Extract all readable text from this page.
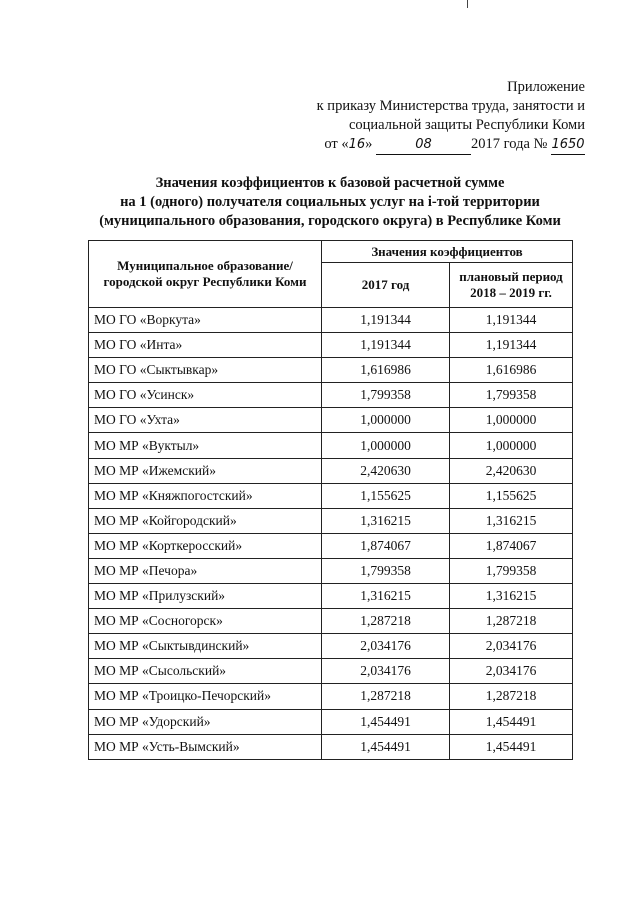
Приложение
к приказу Министерства труда, занятости и
социальной защиты Республики Коми
от «16»	08	2017 года № 1650
Значения коэффициентов к базовой расчетной сумме
на 1 (одного) получателя социальных услуг на i-той территории
(муниципального образования, городского округа) в Республике Коми
Муниципальное образование/городской округ Республики Коми	Значения коэффициентов	
	2017 год	плановый период 2018 – 2019 гг.
МО ГО «Воркута»	1,191344	1,191344
МО ГО «Инта»	1,191344	1,191344
МО ГО «Сыктывкар»	1,616986	1,616986
МО ГО «Усинск»	1,799358	1,799358
МО ГО «Ухта»	1,000000	1,000000
МО МР «Вуктыл»	1,000000	1,000000
МО МР «Ижемский»	2,420630	2,420630
МО МР «Княжпогостский»	1,155625	1,155625
МО МР «Койгородский»	1,316215	1,316215
МО МР «Корткеросский»	1,874067	1,874067
МО МР «Печора»	1,799358	1,799358
МО МР «Прилузский»	1,316215	1,316215
МО МР «Сосногорск»	1,287218	1,287218
МО МР «Сыктывдинский»	2,034176	2,034176
МО МР «Сысольский»	2,034176	2,034176
МО МР «Троицко-Печорский»	1,287218	1,287218
МО МР «Удорский»	1,454491	1,454491
МО МР «Усть-Вымский»	1,454491	1,454491
